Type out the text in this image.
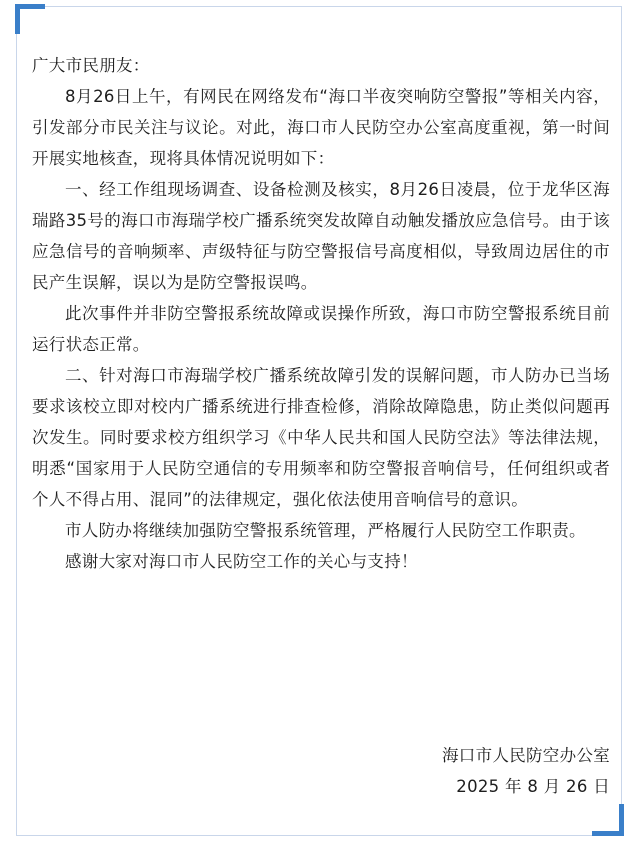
广大市民朋友：

8月26日上午，有网民在网络发布“海口半夜突响防空警报”等相关内容，引发部分市民关注与议论。对此，海口市人民防空办公室高度重视，第一时间开展实地核查，现将具体情况说明如下：

一、经工作组现场调查、设备检测及核实，8月26日凌晨，位于龙华区海瑞路35号的海口市海瑞学校广播系统突发故障自动触发播放应急信号。由于该应急信号的音响频率、声级特征与防空警报信号高度相似，导致周边居住的市民产生误解，误以为是防空警报误鸣。

此次事件并非防空警报系统故障或误操作所致，海口市防空警报系统目前运行状态正常。

二、针对海口市海瑞学校广播系统故障引发的误解问题，市人防办已当场要求该校立即对校内广播系统进行排查检修，消除故障隐患，防止类似问题再次发生。同时要求校方组织学习《中华人民共和国人民防空法》等法律法规，明悉“国家用于人民防空通信的专用频率和防空警报音响信号，任何组织或者个人不得占用、混同”的法律规定，强化依法使用音响信号的意识。

市人防办将继续加强防空警报系统管理，严格履行人民防空工作职责。

感谢大家对海口市人民防空工作的关心与支持！

海口市人民防空办公室

2025 年 8 月 26 日
